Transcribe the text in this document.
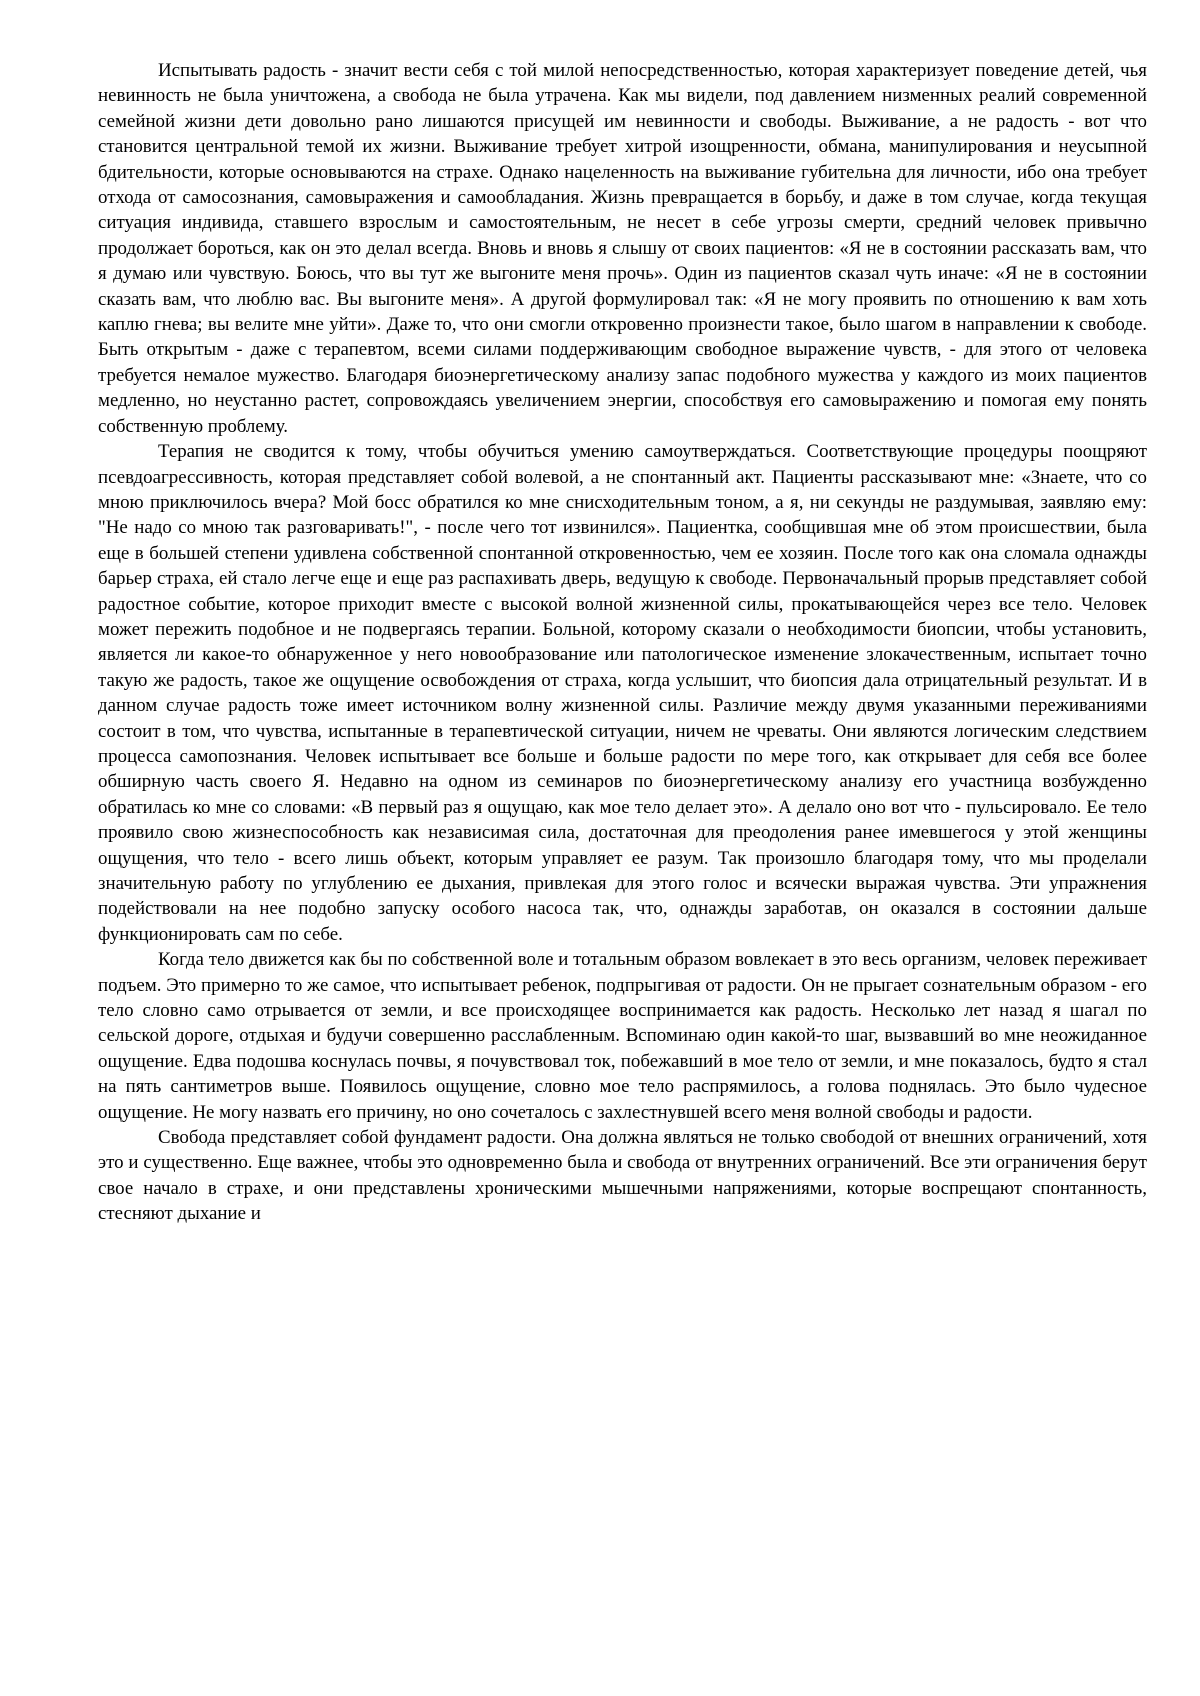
Испытывать радость - значит вести себя с той милой непосредственностью, которая характеризует поведение детей, чья невинность не была уничтожена, а свобода не была утрачена. Как мы видели, под давлением низменных реалий современной семейной жизни дети довольно рано лишаются присущей им невинности и свободы. Выживание, а не радость - вот что становится центральной темой их жизни. Выживание требует хитрой изощренности, обмана, манипулирования и неусыпной бдительности, которые основываются на страхе. Однако нацеленность на выживание губительна для личности, ибо она требует отхода от самосознания, самовыражения и самообладания. Жизнь превращается в борьбу, и даже в том случае, когда текущая ситуация индивида, ставшего взрослым и самостоятельным, не несет в себе угрозы смерти, средний человек привычно продолжает бороться, как он это делал всегда. Вновь и вновь я слышу от своих пациентов: «Я не в состоянии рассказать вам, что я думаю или чувствую. Боюсь, что вы тут же выгоните меня прочь». Один из пациентов сказал чуть иначе: «Я не в состоянии сказать вам, что люблю вас. Вы выгоните меня». А другой формулировал так: «Я не могу проявить по отношению к вам хоть каплю гнева; вы велите мне уйти». Даже то, что они смогли откровенно произнести такое, было шагом в направлении к свободе. Быть открытым - даже с терапевтом, всеми силами поддерживающим свободное выражение чувств, - для этого от человека требуется немалое мужество. Благодаря биоэнергетическому анализу запас подобного мужества у каждого из моих пациентов медленно, но неустанно растет, сопровождаясь увеличением энергии, способствуя его самовыражению и помогая ему понять собственную проблему.

Терапия не сводится к тому, чтобы обучиться умению самоутверждаться. Соответствующие процедуры поощряют псевдоагрессивность, которая представляет собой волевой, а не спонтанный акт. Пациенты рассказывают мне: «Знаете, что со мною приключилось вчера? Мой босс обратился ко мне снисходительным тоном, а я, ни секунды не раздумывая, заявляю ему: "Не надо со мною так разговаривать!", - после чего тот извинился». Пациентка, сообщившая мне об этом происшествии, была еще в большей степени удивлена собственной спонтанной откровенностью, чем ее хозяин. После того как она сломала однажды барьер страха, ей стало легче еще и еще раз распахивать дверь, ведущую к свободе. Первоначальный прорыв представляет собой радостное событие, которое приходит вместе с высокой волной жизненной силы, прокатывающейся через все тело. Человек может пережить подобное и не подвергаясь терапии. Больной, которому сказали о необходимости биопсии, чтобы установить, является ли какое-то обнаруженное у него новообразование или патологическое изменение злокачественным, испытает точно такую же радость, такое же ощущение освобождения от страха, когда услышит, что биопсия дала отрицательный результат. И в данном случае радость тоже имеет источником волну жизненной силы. Различие между двумя указанными переживаниями состоит в том, что чувства, испытанные в терапевтической ситуации, ничем не чреваты. Они являются логическим следствием процесса самопознания. Человек испытывает все больше и больше радости по мере того, как открывает для себя все более обширную часть своего Я. Недавно на одном из семинаров по биоэнергетическому анализу его участница возбужденно обратилась ко мне со словами: «В первый раз я ощущаю, как мое тело делает это». А делало оно вот что - пульсировало. Ее тело проявило свою жизнеспособность как независимая сила, достаточная для преодоления ранее имевшегося у этой женщины ощущения, что тело - всего лишь объект, которым управляет ее разум. Так произошло благодаря тому, что мы проделали значительную работу по углублению ее дыхания, привлекая для этого голос и всячески выражая чувства. Эти упражнения подействовали на нее подобно запуску особого насоса так, что, однажды заработав, он оказался в состоянии дальше функционировать сам по себе.

Когда тело движется как бы по собственной воле и тотальным образом вовлекает в это весь организм, человек переживает подъем. Это примерно то же самое, что испытывает ребенок, подпрыгивая от радости. Он не прыгает сознательным образом - его тело словно само отрывается от земли, и все происходящее воспринимается как радость. Несколько лет назад я шагал по сельской дороге, отдыхая и будучи совершенно расслабленным. Вспоминаю один какой-то шаг, вызвавший во мне неожиданное ощущение. Едва подошва коснулась почвы, я почувствовал ток, побежавший в мое тело от земли, и мне показалось, будто я стал на пять сантиметров выше. Появилось ощущение, словно мое тело распрямилось, а голова поднялась. Это было чудесное ощущение. Не могу назвать его причину, но оно сочеталось с захлестнувшей всего меня волной свободы и радости.

Свобода представляет собой фундамент радости. Она должна являться не только свободой от внешних ограничений, хотя это и существенно. Еще важнее, чтобы это одновременно была и свобода от внутренних ограничений. Все эти ограничения берут свое начало в страхе, и они представлены хроническими мышечными напряжениями, которые воспрещают спонтанность, стесняют дыхание и
